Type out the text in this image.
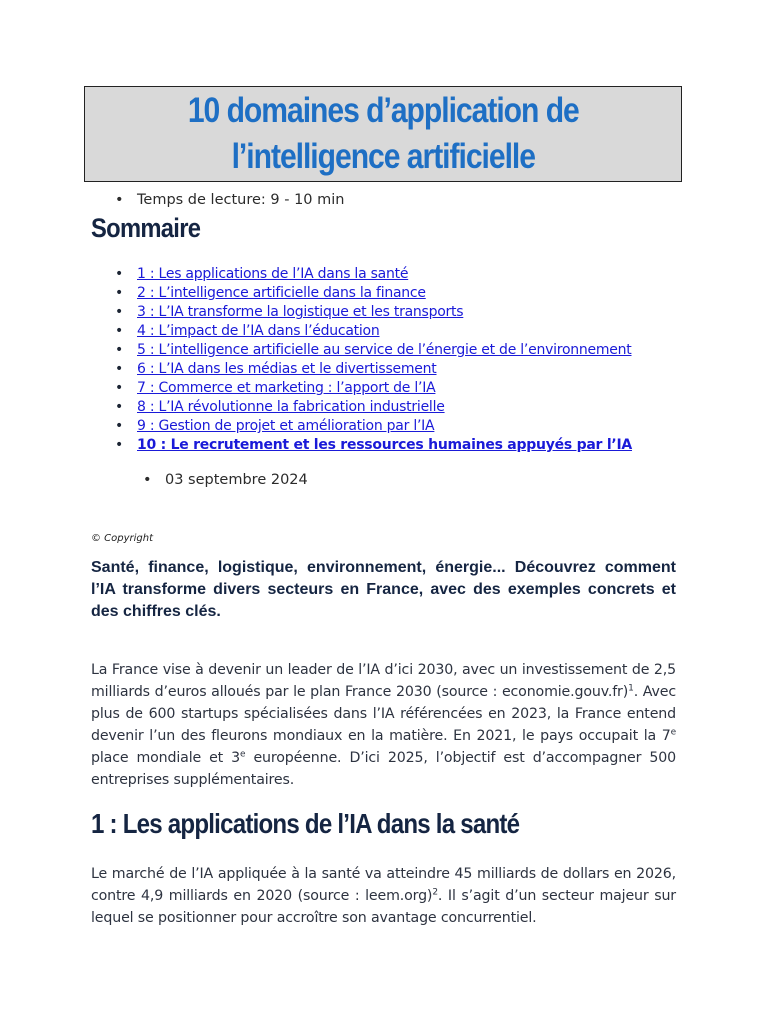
10 domaines d’application de
l’intelligence artificielle
• Temps de lecture: 9 - 10 min
Sommaire
• 1 : Les applications de l’IA dans la santé
• 2 : L’intelligence artificielle dans la finance
• 3 : L’IA transforme la logistique et les transports
• 4 : L’impact de l’IA dans l’éducation
• 5 : L’intelligence artificielle au service de l’énergie et de l’environnement
• 6 : L’IA dans les médias et le divertissement
• 7 : Commerce et marketing : l’apport de l’IA
• 8 : L’IA révolutionne la fabrication industrielle
• 9 : Gestion de projet et amélioration par l’IA
• 10 : Le recrutement et les ressources humaines appuyés par l’IA
• 03 septembre 2024
© Copyright

Santé, finance, logistique, environnement, énergie... Découvrez comment l’IA transforme divers secteurs en France, avec des exemples concrets et des chiffres clés.

La France vise à devenir un leader de l’IA d’ici 2030, avec un investissement de 2,5 milliards d’euros alloués par le plan France 2030 (source : economie.gouv.fr)$^1$. Avec plus de 600 startups spécialisées dans l’IA référencées en 2023, la France entend devenir l’un des fleurons mondiaux en la matière. En 2021, le pays occupait la 7e place mondiale et 3e européenne. D’ici 2025, l’objectif est d’accompagner 500 entreprises supplémentaires.

1 : Les applications de l’IA dans la santé

Le marché de l’IA appliquée à la santé va atteindre 45 milliards de dollars en 2026, contre 4,9 milliards en 2020 (source : leem.org)$^2$. Il s’agit d’un secteur majeur sur lequel se positionner pour accroître son avantage concurrentiel.
